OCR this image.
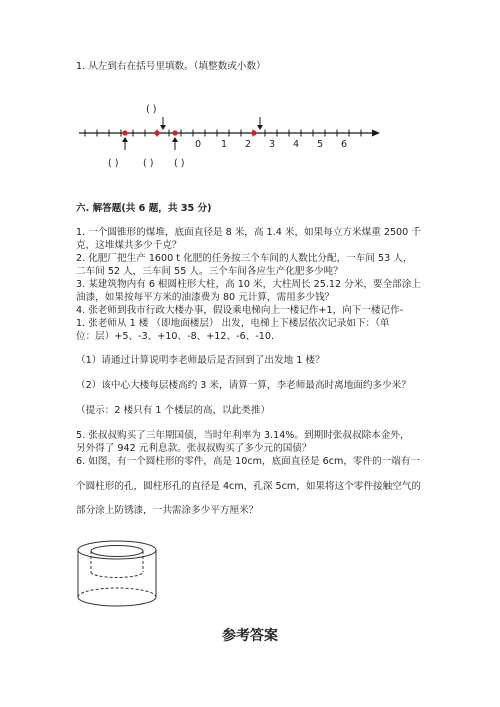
1. 从左到右在括号里填数。（填整数或小数）
( )
0 1 2 3 4 5 6
( )	( ) ( )
六. 解答题(共 6 题，共 35 分)
1. 一个圆锥形的煤堆，底面直径是 8 米，高 1.4 米，如果每立方米煤重 2500 千
克，这堆煤共多少千克？
2. 化肥厂把生产 1600 t 化肥的任务按三个车间的人数比分配，一车间 53 人，
二车间 52 人，三车间 55 人。三个车间各应生产化肥多少吨？
3. 某建筑物内有 6 根圆柱形大柱，高 10 米，大柱周长 25.12 分米，要全部涂上
油漆，如果按每平方米的油漆费为 80 元计算，需用多少钱？
4. 张老师到我市行政大楼办事，假设乘电梯向上一楼记作+1，向下一楼记作-
1. 张老师从 1 楼 （即地面楼层） 出发，电梯上下楼层依次记录如下：（单
位：层）+5、-3、+10、-8、+12、-6、-10.
（1）请通过计算说明李老师最后是否回到了出发地 1 楼？
（2）该中心大楼每层楼高约 3 米，请算一算，李老师最高时离地面约多少米？
（提示：2 楼只有 1 个楼层的高，以此类推）
5. 张叔叔购买了三年期国债，当时年利率为 3.14%。到期时张叔叔除本金外，
另外得了 942 元利息款。张叔叔购买了多少元的国债？
6. 如图，有一个圆柱形的零件，高是 10cm，底面直径是 6cm，零件的一端有一
个圆柱形的孔，圆柱形孔的直径是 4cm，孔深 5cm，如果将这个零件接触空气的
部分涂上防锈漆，一共需涂多少平方厘米？
参考答案
